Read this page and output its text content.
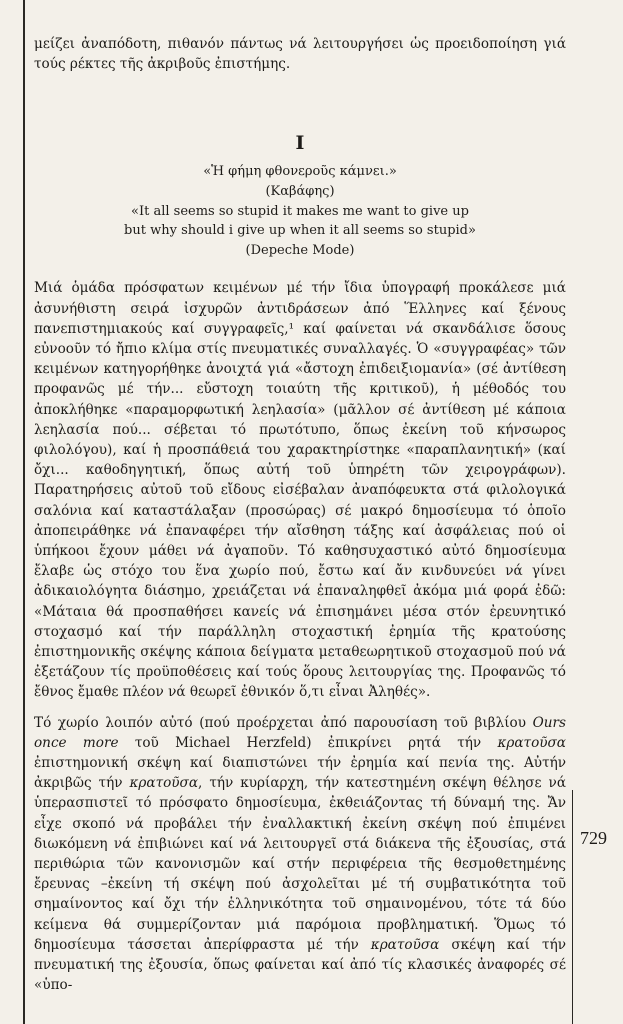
729

μείζει ἀναπόδοτη, πιθανόν πάντως νά λειτουργήσει ὡς προειδοποίηση γιά τούς ρέκτες τῆς ἀκριβοῦς ἐπιστήμης.

I

«Ἡ φήμη φθονεροῦς κάμνει.»

(Καβάφης)

«It all seems so stupid it makes me want to give up

but why should i give up when it all seems so stupid»

(Depeche Mode)

Μιά ὁμάδα πρόσφατων κειμένων μέ τήν ἴδια ὑπογραφή προκάλεσε μιά ἀσυνήθιστη σειρά ἰσχυρῶν ἀντιδράσεων ἀπό Ἕλληνες καί ξένους πανεπιστημιακούς καί συγγραφεῖς,¹ καί φαίνεται νά σκανδάλισε ὅσους εὐνοοῦν τό ἤπιο κλίμα στίς πνευματικές συναλλαγές. Ὁ «συγγραφέας» τῶν κειμένων κατηγορήθηκε ἀνοιχτά γιά «ἄστοχη ἐπιδειξιομανία» (σέ ἀντίθεση προφανῶς μέ τήν... εὔστοχη τοιαύτη τῆς κριτικοῦ), ἡ μέθοδός του ἀποκλήθηκε «παραμορφωτική λεηλασία» (μᾶλλον σέ ἀντίθεση μέ κάποια λεηλασία πού... σέβεται τό πρωτότυπο, ὅπως ἐκείνη τοῦ κήνσωρος φιλολόγου), καί ἡ προσπάθειά του χαρακτηρίστηκε «παραπλανητική» (καί ὄχι... καθοδηγητική, ὅπως αὐτή τοῦ ὑπηρέτη τῶν χειρογράφων). Παρατηρήσεις αὐτοῦ τοῦ εἴδους εἰσέβαλαν ἀναπόφευκτα στά φιλολογικά σαλόνια καί καταστάλαξαν (προσώρας) σέ μακρό δημοσίευμα τό ὁποῖο ἀποπειράθηκε νά ἐπαναφέρει τήν αἴσθηση τάξης καί ἀσφάλειας πού οἱ ὑπήκοοι ἔχουν μάθει νά ἀγαποῦν. Τό καθησυχαστικό αὐτό δημοσίευμα ἔλαβε ὡς στόχο του ἕνα χωρίο πού, ἔστω καί ἄν κινδυνεύει νά γίνει ἀδικαιολόγητα διάσημο, χρειάζεται νά ἐπαναληφθεῖ ἀκόμα μιά φορά ἐδῶ: «Μάταια θά προσπαθήσει κανείς νά ἐπισημάνει μέσα στόν ἐρευνητικό στοχασμό καί τήν παράλληλη στοχαστική ἐρημία τῆς κρατούσης ἐπιστημονικῆς σκέψης κάποια δείγματα μεταθεωρητικοῦ στοχασμοῦ πού νά ἐξετάζουν τίς προϋποθέσεις καί τούς ὅρους λειτουργίας της. Προφανῶς τό ἔθνος ἔμαθε πλέον νά θεωρεῖ ἐθνικόν ὅ,τι εἶναι Ἀληθές».

Τό χωρίο λοιπόν αὐτό (πού προέρχεται ἀπό παρουσίαση τοῦ βιβλίου Ours once more τοῦ Michael Herzfeld) ἐπικρίνει ρητά τήν κρατοῦσα ἐπιστημονική σκέψη καί διαπιστώνει τήν ἐρημία καί πενία της. Αὐτήν ἀκριβῶς τήν κρατοῦσα, τήν κυρίαρχη, τήν κατεστημένη σκέψη θέλησε νά ὑπερασπιστεῖ τό πρόσφατο δημοσίευμα, ἐκθειάζοντας τή δύναμή της. Ἄν εἶχε σκοπό νά προβάλει τήν ἐναλλακτική ἐκείνη σκέψη πού ἐπιμένει διωκόμενη νά ἐπιβιώνει καί νά λειτουργεῖ στά διάκενα τῆς ἐξουσίας, στά περιθώρια τῶν κανονισμῶν καί στήν περιφέρεια τῆς θεσμοθετημένης ἔρευνας –ἐκείνη τή σκέψη πού ἀσχολεῖται μέ τή συμβατικότητα τοῦ σημαίνοντος καί ὄχι τήν ἑλληνικότητα τοῦ σημαινομένου, τότε τά δύο κείμενα θά συμμερίζονταν μιά παρόμοια προβληματική. Ὅμως τό δημοσίευμα τάσσεται ἀπερίφραστα μέ τήν κρατοῦσα σκέψη καί τήν πνευματική της ἐξουσία, ὅπως φαίνεται καί ἀπό τίς κλασικές ἀναφορές σέ «ὑπο-
